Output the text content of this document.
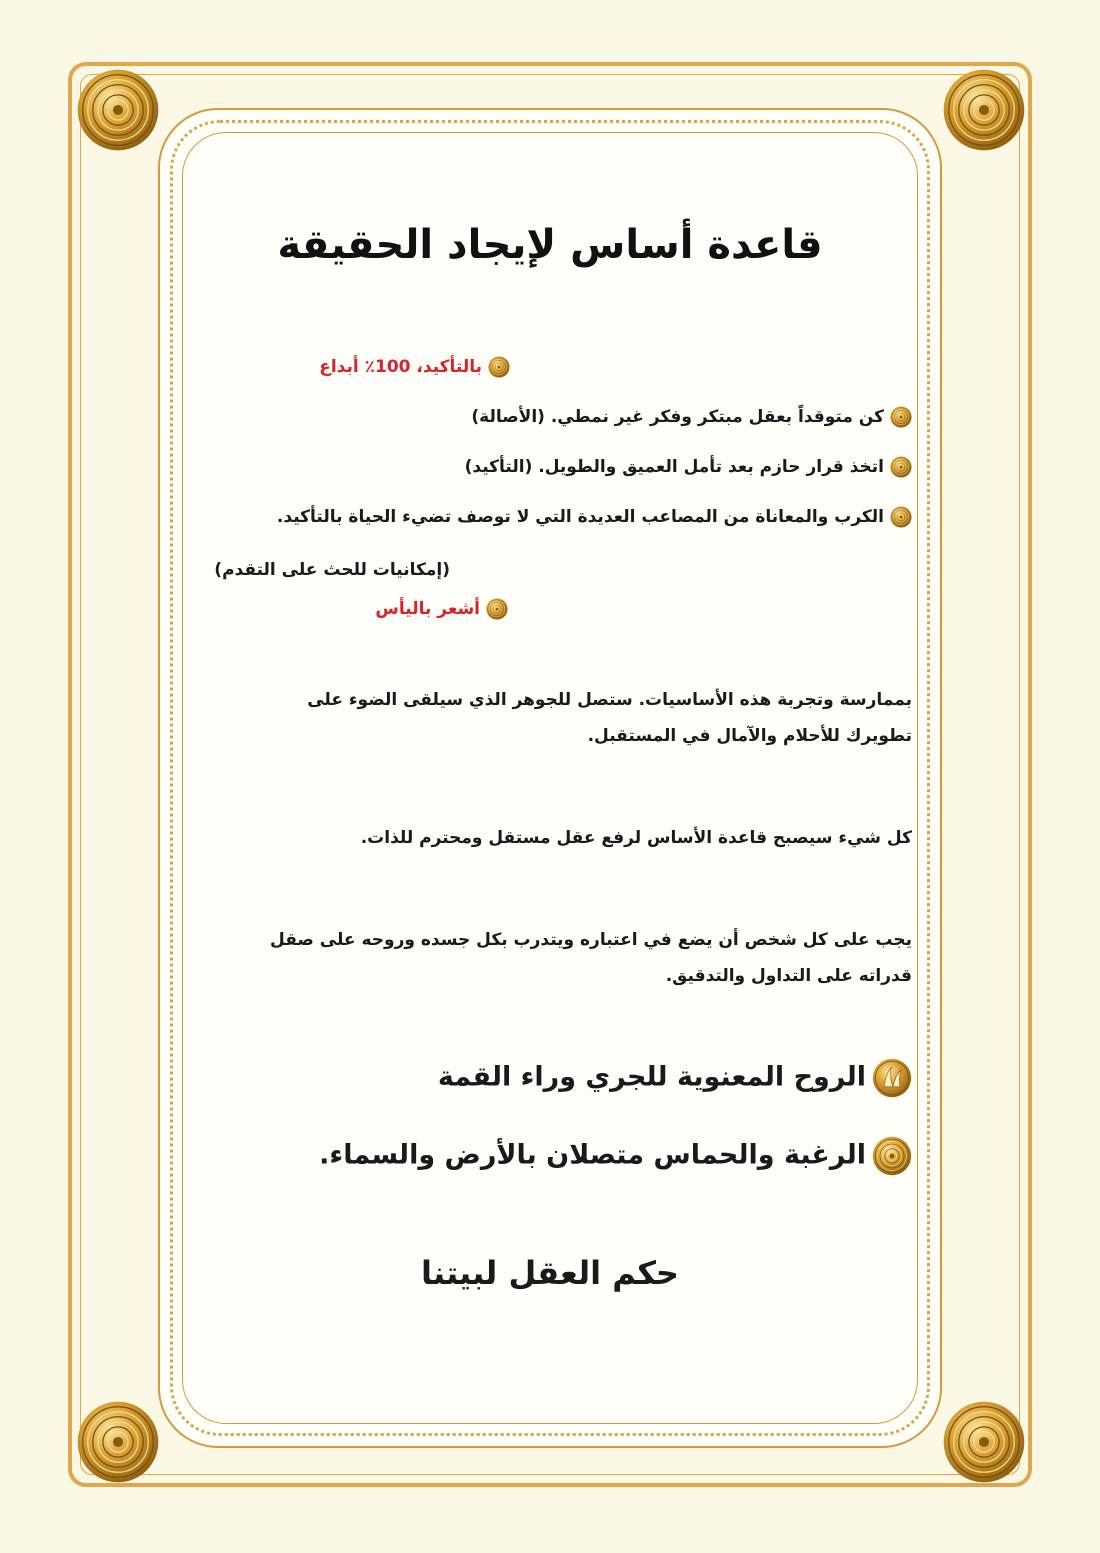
قاعدة أساس لإيجاد الحقيقة
بالتأكيد، 100٪ أبداع
كن متوقداً بعقل مبتكر وفكر غير نمطي. (الأصالة)
اتخذ قرار حازم بعد تأمل العميق والطويل. (التأكيد)
الكرب والمعاناة من المصاعب العديدة التي لا توصف تضيء الحياة بالتأكيد.
(إمكانيات للحث على التقدم)
أشعر باليأس
بممارسة وتجربة هذه الأساسيات. ستصل للجوهر الذي سيلقى الضوء على
تطويرك للأحلام والآمال في المستقبل.
كل شيء سيصبح قاعدة الأساس لرفع عقل مستقل ومحترم للذات.
يجب على كل شخص أن يضع في اعتباره ويتدرب بكل جسده وروحه على صقل
قدراته على التداول والتدقيق.
الروح المعنوية للجري وراء القمة
الرغبة والحماس متصلان بالأرض والسماء.
حكم العقل لبيتنا
